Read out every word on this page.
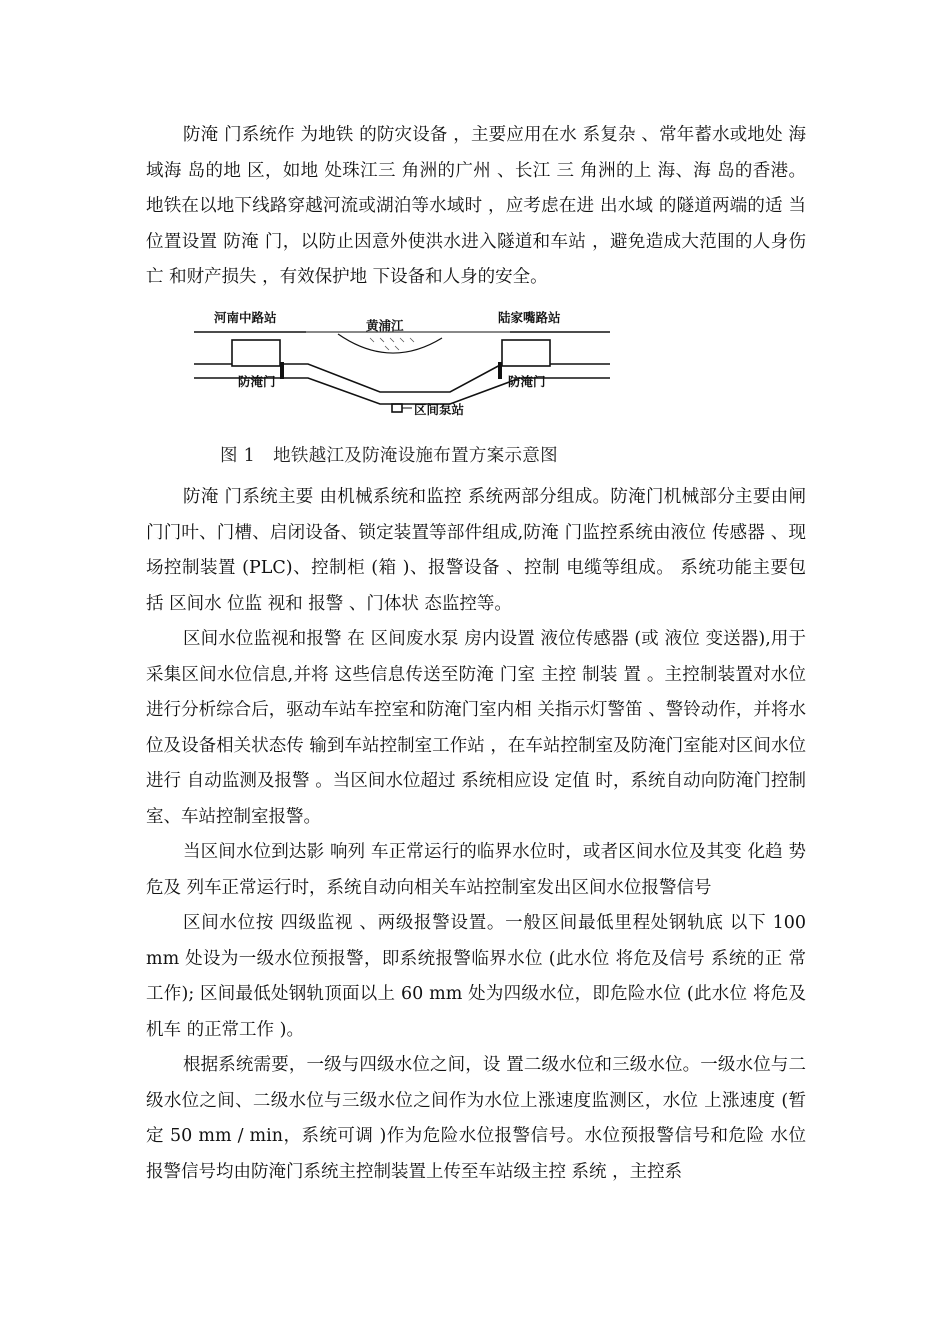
防淹 门系统作 为地铁 的防灾设备 ，主要应用在水 系复杂 、常年蓄水或地处 海域海 岛的地 区，如地 处珠江三 角洲的广州 、长江 三 角洲的上 海、海 岛的香港。地铁在以地下线路穿越河流或湖泊等水域时 ，应考虑在进 出水域 的隧道两端的适 当位置设置 防淹 门，以防止因意外使洪水进入隧道和车站 ，避免造成大范围的人身伤亡 和财产损失 ，有效保护地 下设备和人身的安全。

河南中路站
黄浦江
陆家嘴路站
防淹门	防淹门
区间泵站
图 1 地铁越江及防淹设施布置方案示意图

防淹 门系统主要 由机械系统和监控 系统两部分组成。防淹门机械部分主要由闸门门叶、门槽、启闭设备、锁定装置等部件组成,防淹 门监控系统由液位 传感器 、现场控制装置 (PLC)、控制柜 (箱 )、报警设备 、控制 电缆等组成。 系统功能主要包 括 区间水 位监 视和 报警 、门体状 态监控等。

区间水位监视和报警 在 区间废水泵 房内设置 液位传感器 (或 液位 变送器),用于采集区间水位信息,并将 这些信息传送至防淹 门室 主控 制装 置 。主控制装置对水位进行分析综合后，驱动车站车控室和防淹门室内相 关指示灯警笛 、警铃动作，并将水位及设备相关状态传 输到车站控制室工作站 ，在车站控制室及防淹门室能对区间水位进行 自动监测及报警 。当区间水位超过 系统相应设 定值 时，系统自动向防淹门控制室、车站控制室报警。

当区间水位到达影 响列 车正常运行的临界水位时，或者区间水位及其变 化趋 势危及 列车正常运行时，系统自动向相关车站控制室发出区间水位报警信号

区间水位按 四级监视 、两级报警设置。一般区间最低里程处钢轨底 以下 100 mm 处设为一级水位预报警，即系统报警临界水位 (此水位 将危及信号 系统的正 常工作); 区间最低处钢轨顶面以上 60 mm 处为四级水位，即危险水位 (此水位 将危及机车 的正常工作 )。

根据系统需要，一级与四级水位之间，设 置二级水位和三级水位。一级水位与二级水位之间、二级水位与三级水位之间作为水位上涨速度监测区，水位 上涨速度 (暂定 50 mm / min，系统可调 )作为危险水位报警信号。水位预报警信号和危险 水位报警信号均由防淹门系统主控制装置上传至车站级主控 系统 ，主控系
